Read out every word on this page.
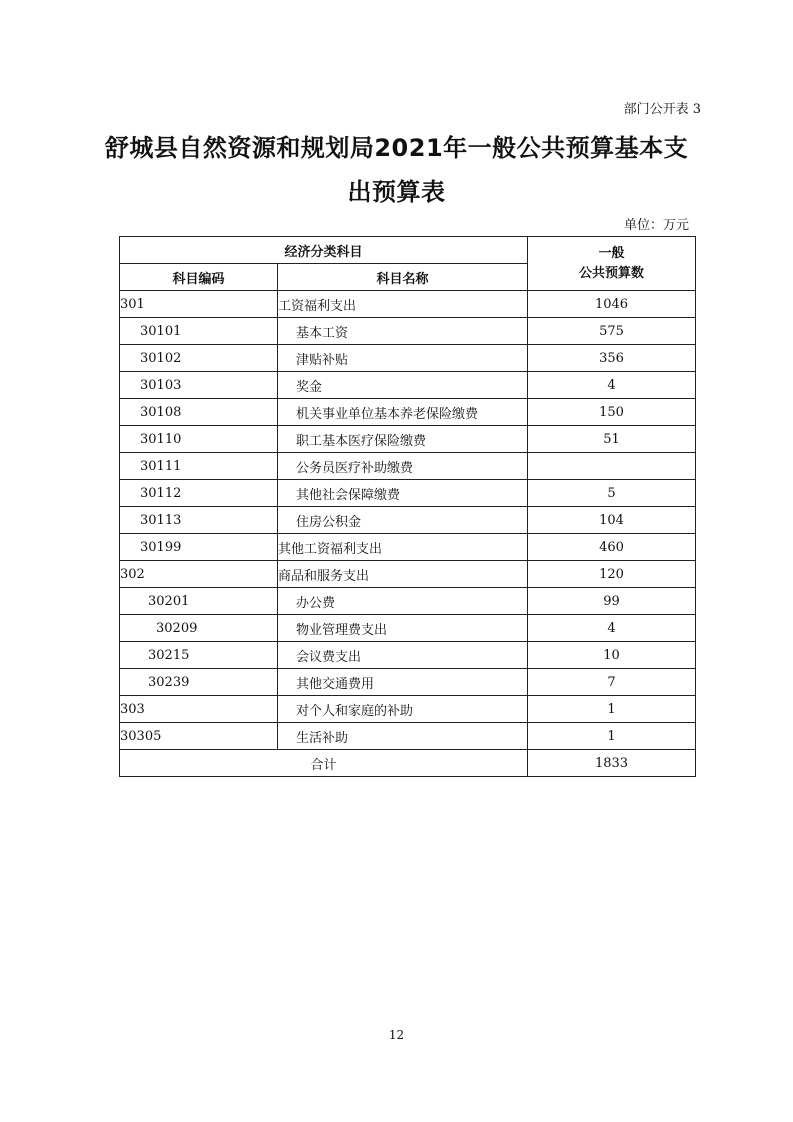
部门公开表 3
舒城县自然资源和规划局2021年一般公共预算基本支
出预算表
单位：万元
经济分类科目		一般
公共预算数

科目编码	科目名称	
301	工资福利支出	1046
30101	基本工资	575
30102	津贴补贴	356
30103	奖金	4
30108	机关事业单位基本养老保险缴费	150
30110	职工基本医疗保险缴费	51
30111	公务员医疗补助缴费	
30112	其他社会保障缴费	5
30113	住房公积金	104
30199	其他工资福利支出	460
302	商品和服务支出	120
30201	办公费	99
30209	物业管理费支出	4
30215	会议费支出	10
30239	其他交通费用	7
303	对个人和家庭的补助	1
30305	生活补助	1
合计		1833
12
